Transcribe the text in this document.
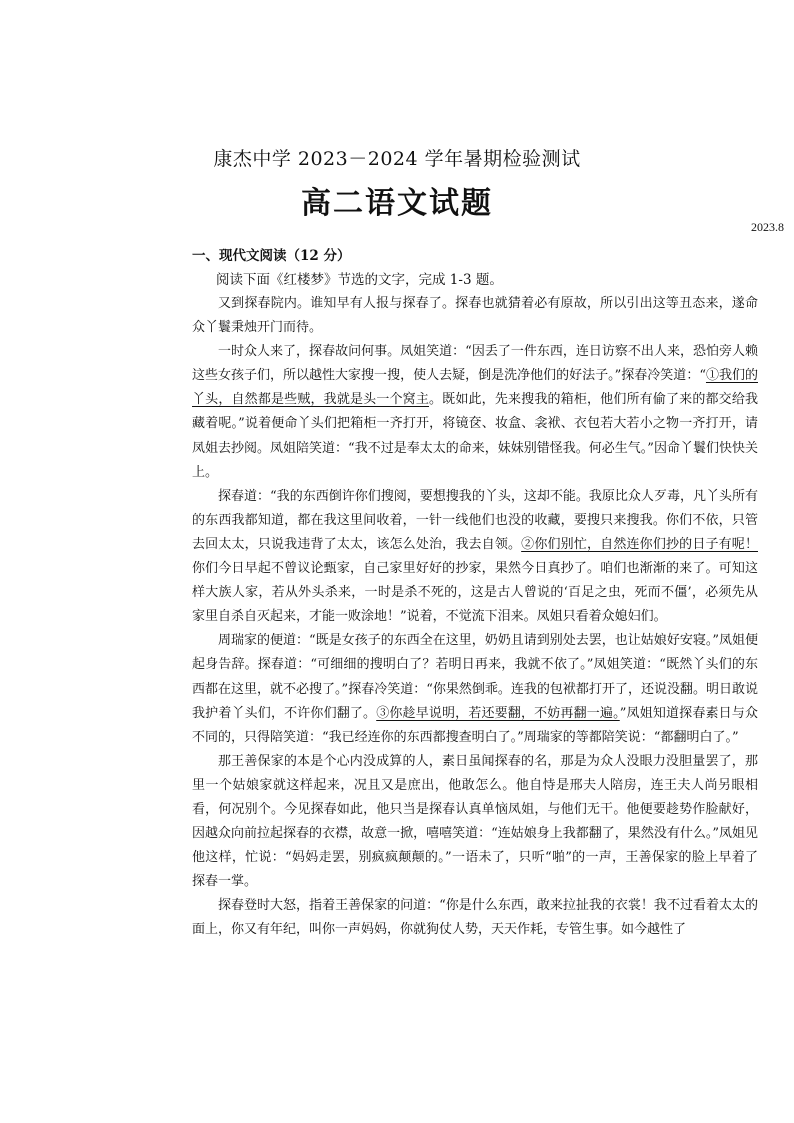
康杰中学 2023－2024 学年暑期检验测试
高二语文试题
2023.8
一、现代文阅读（12 分）
阅读下面《红楼梦》节选的文字，完成 1-3 题。

又到探春院内。谁知早有人报与探春了。探春也就猜着必有原故，所以引出这等丑态来，遂命众丫鬟秉烛开门而待。

一时众人来了，探春故问何事。凤姐笑道：“因丢了一件东西，连日访察不出人来，恐怕旁人赖这些女孩子们，所以越性大家搜一搜，使人去疑，倒是洗净他们的好法子。”探春冷笑道：“①我们的丫头，自然都是些贼，我就是头一个窝主。既如此，先来搜我的箱柜，他们所有偷了来的都交给我藏着呢。”说着便命丫头们把箱柜一齐打开，将镜奁、妆盒、衾袱、衣包若大若小之物一齐打开，请凤姐去抄阅。凤姐陪笑道：“我不过是奉太太的命来，妹妹别错怪我。何必生气。”因命丫鬟们快快关上。

探春道：“我的东西倒许你们搜阅，要想搜我的丫头，这却不能。我原比众人歹毒，凡丫头所有的东西我都知道，都在我这里间收着，一针一线他们也没的收藏，要搜只来搜我。你们不依，只管去回太太，只说我违背了太太，该怎么处治，我去自领。②你们别忙，自然连你们抄的日子有呢！你们今日早起不曾议论甄家，自己家里好好的抄家，果然今日真抄了。咱们也渐渐的来了。可知这样大族人家，若从外头杀来，一时是杀不死的，这是古人曾说的‘百足之虫，死而不僵’，必须先从家里自杀自灭起来，才能一败涂地！”说着，不觉流下泪来。凤姐只看着众媳妇们。

周瑞家的便道：“既是女孩子的东西全在这里，奶奶且请到别处去罢，也让姑娘好安寝。”凤姐便起身告辞。探春道：“可细细的搜明白了？若明日再来，我就不依了。”凤姐笑道：“既然丫头们的东西都在这里，就不必搜了。”探春冷笑道：“你果然倒乖。连我的包袱都打开了，还说没翻。明日敢说我护着丫头们，不许你们翻了。③你趁早说明，若还要翻，不妨再翻一遍。”凤姐知道探春素日与众不同的，只得陪笑道：“我已经连你的东西都搜查明白了。”周瑞家的等都陪笑说：“都翻明白了。”

那王善保家的本是个心内没成算的人，素日虽闻探春的名，那是为众人没眼力没胆量罢了，那里一个姑娘家就这样起来，况且又是庶出，他敢怎么。他自恃是邢夫人陪房，连王夫人尚另眼相看，何况别个。今见探春如此，他只当是探春认真单恼凤姐，与他们无干。他便要趁势作脸献好，因越众向前拉起探春的衣襟，故意一掀，嘻嘻笑道：“连姑娘身上我都翻了，果然没有什么。”凤姐见他这样，忙说：“妈妈走罢，别疯疯颠颠的。”一语未了，只听“啪”的一声，王善保家的脸上早着了探春一掌。

探春登时大怒，指着王善保家的问道：“你是什么东西，敢来拉扯我的衣裳！我不过看着太太的面上，你又有年纪，叫你一声妈妈，你就狗仗人势，天天作耗，专管生事。如今越性了
